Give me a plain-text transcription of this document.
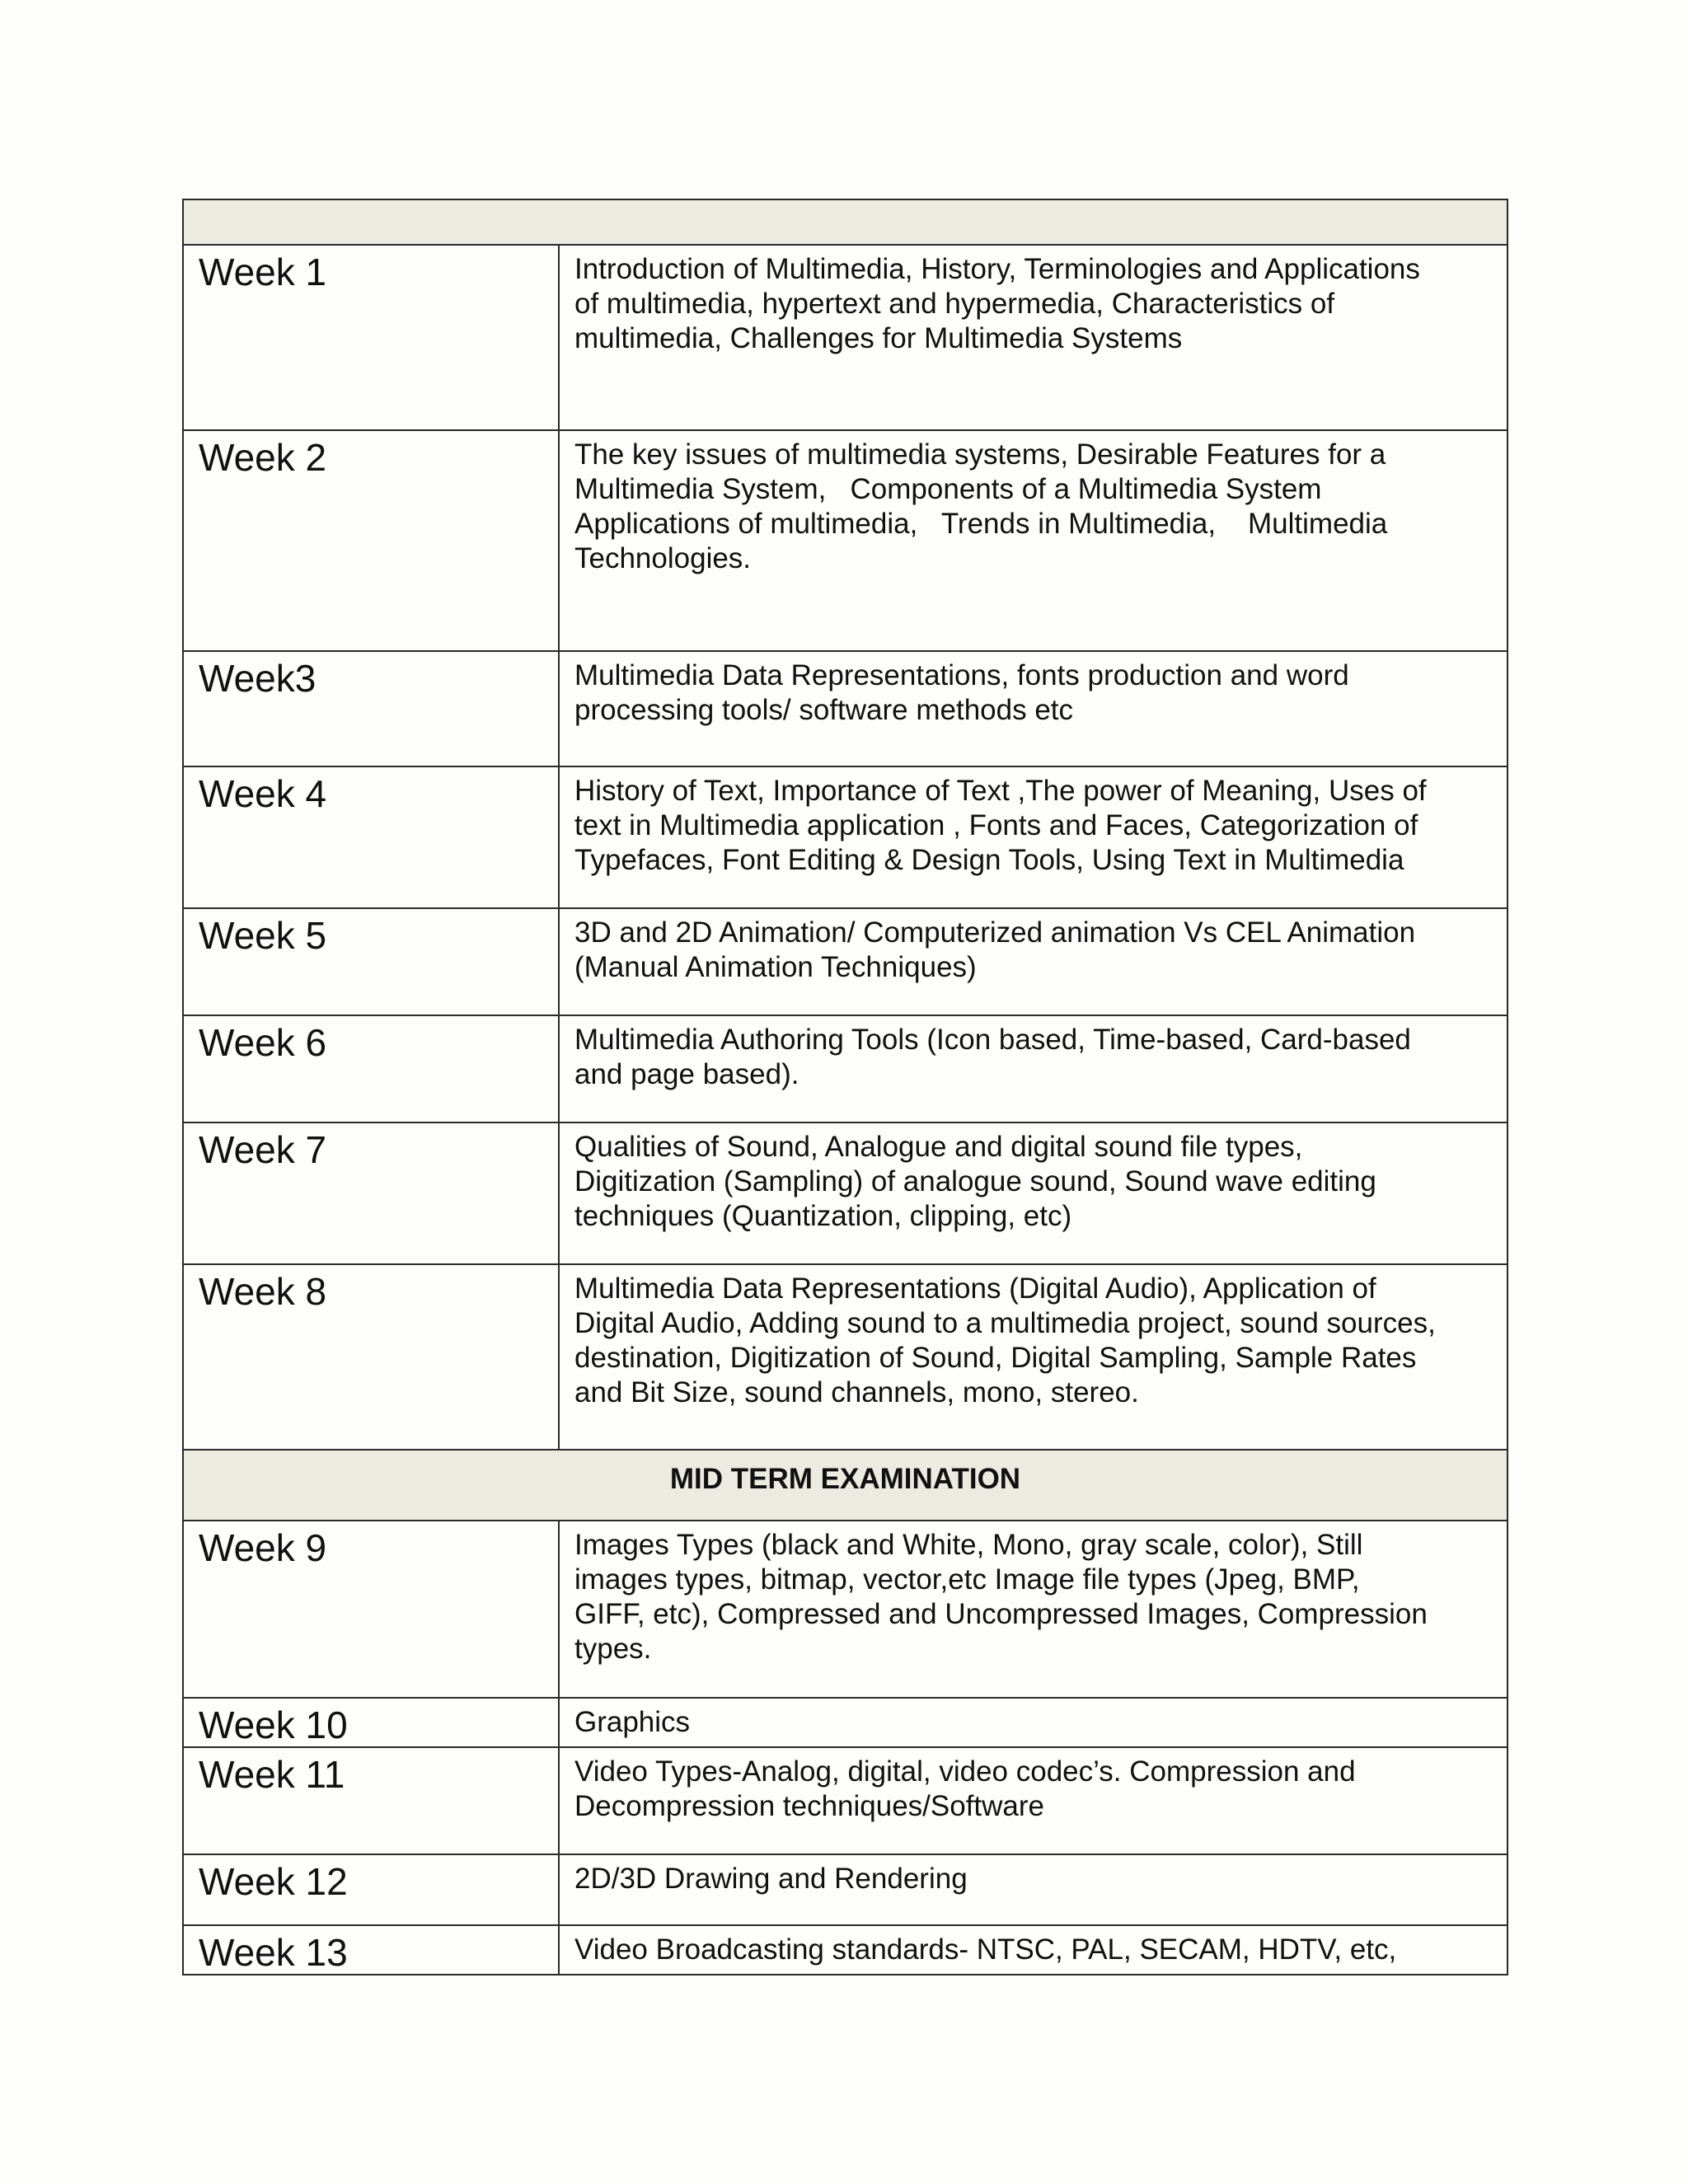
Week 1	Introduction of Multimedia, History, Terminologies and Applications
of multimedia, hypertext and hypermedia, Characteristics of
multimedia, Challenges for Multimedia Systems
Week 2	The key issues of multimedia systems, Desirable Features for a
Multimedia System,   Components of a Multimedia System
Applications of multimedia,   Trends in Multimedia,    Multimedia
Technologies.
Week3	Multimedia Data Representations, fonts production and word
processing tools/ software methods etc
Week 4	History of Text, Importance of Text ,The power of Meaning, Uses of
text in Multimedia application , Fonts and Faces, Categorization of
Typefaces, Font Editing & Design Tools, Using Text in Multimedia
Week 5	3D and 2D Animation/ Computerized animation Vs CEL Animation
(Manual Animation Techniques)
Week 6	Multimedia Authoring Tools (Icon based, Time-based, Card-based
and page based).
Week 7	Qualities of Sound, Analogue and digital sound file types,
Digitization (Sampling) of analogue sound, Sound wave editing
techniques (Quantization, clipping, etc)
Week 8	Multimedia Data Representations (Digital Audio), Application of
Digital Audio, Adding sound to a multimedia project, sound sources,
destination, Digitization of Sound, Digital Sampling, Sample Rates
and Bit Size, sound channels, mono, stereo.
MID TERM EXAMINATION	
Week 9	Images Types (black and White, Mono, gray scale, color), Still
images types, bitmap, vector,etc Image file types (Jpeg, BMP,
GIFF, etc), Compressed and Uncompressed Images, Compression
types.
Week 10	Graphics
Week 11	Video Types-Analog, digital, video codec’s. Compression and
Decompression techniques/Software
Week 12	2D/3D Drawing and Rendering
Week 13	Video Broadcasting standards- NTSC, PAL, SECAM, HDTV, etc,
